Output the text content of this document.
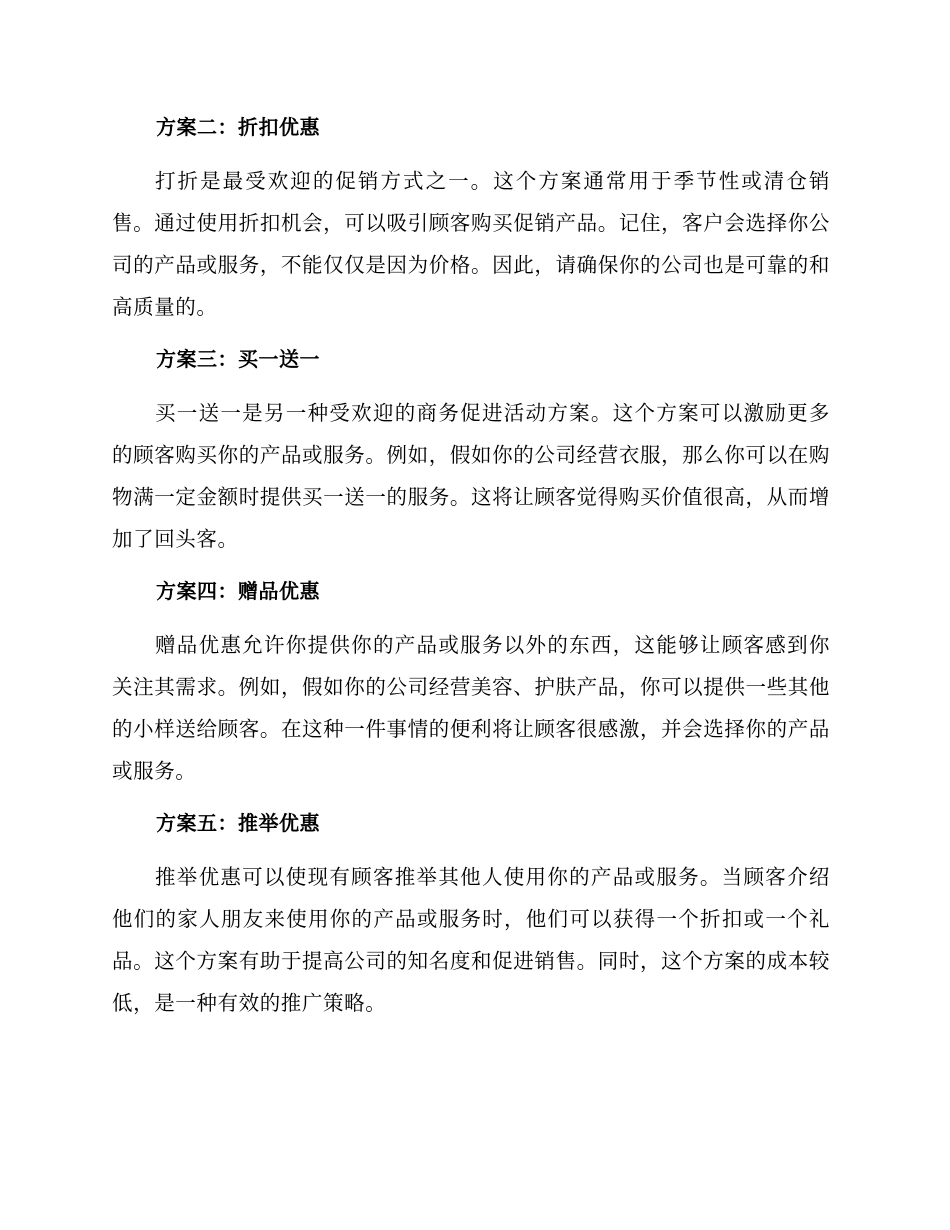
方案二：折扣优惠
打折是最受欢迎的促销方式之一。这个方案通常用于季节性或清仓销售。通过使用折扣机会，可以吸引顾客购买促销产品。记住，客户会选择你公司的产品或服务，不能仅仅是因为价格。因此，请确保你的公司也是可靠的和高质量的。
方案三：买一送一
买一送一是另一种受欢迎的商务促进活动方案。这个方案可以激励更多的顾客购买你的产品或服务。例如，假如你的公司经营衣服，那么你可以在购物满一定金额时提供买一送一的服务。这将让顾客觉得购买价值很高，从而增加了回头客。
方案四：赠品优惠
赠品优惠允许你提供你的产品或服务以外的东西，这能够让顾客感到你关注其需求。例如，假如你的公司经营美容、护肤产品，你可以提供一些其他的小样送给顾客。在这种一件事情的便利将让顾客很感激，并会选择你的产品或服务。
方案五：推举优惠
推举优惠可以使现有顾客推举其他人使用你的产品或服务。当顾客介绍他们的家人朋友来使用你的产品或服务时，他们可以获得一个折扣或一个礼品。这个方案有助于提高公司的知名度和促进销售。同时，这个方案的成本较低，是一种有效的推广策略。
